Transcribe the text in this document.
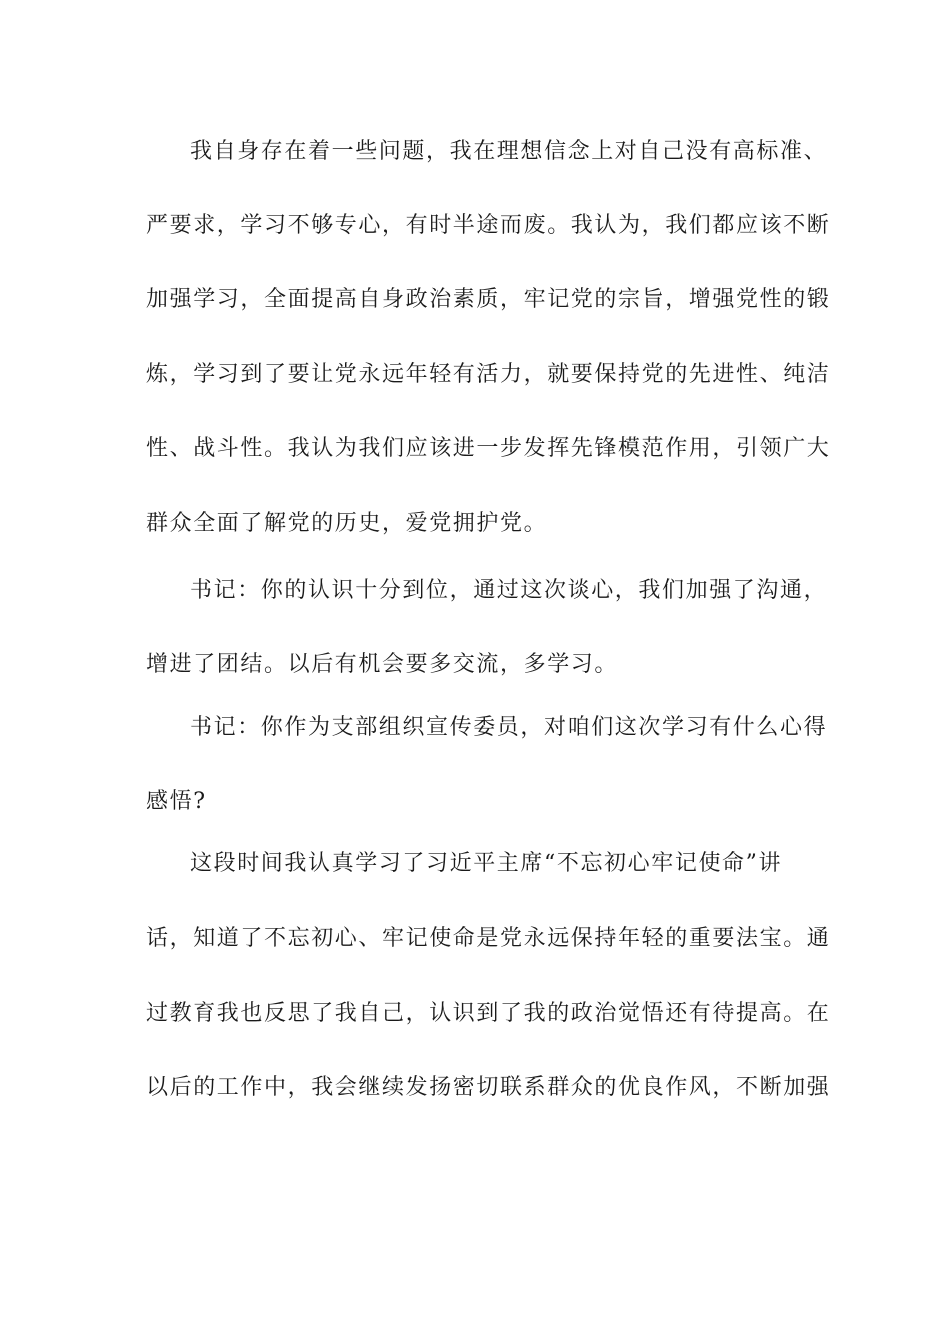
我自身存在着一些问题，我在理想信念上对自己没有高标准、
严要求，学习不够专心，有时半途而废。我认为，我们都应该不断
加强学习，全面提高自身政治素质，牢记党的宗旨，增强党性的锻
炼，学习到了要让党永远年轻有活力，就要保持党的先进性、纯洁
性、战斗性。我认为我们应该进一步发挥先锋模范作用，引领广大
群众全面了解党的历史，爱党拥护党。
书记：你的认识十分到位，通过这次谈心，我们加强了沟通，
增进了团结。以后有机会要多交流，多学习。
书记：你作为支部组织宣传委员，对咱们这次学习有什么心得
感悟?
这段时间我认真学习了习近平主席“不忘初心牢记使命”讲
话，知道了不忘初心、牢记使命是党永远保持年轻的重要法宝。通
过教育我也反思了我自己，认识到了我的政治觉悟还有待提高。在
以后的工作中，我会继续发扬密切联系群众的优良作风，不断加强
